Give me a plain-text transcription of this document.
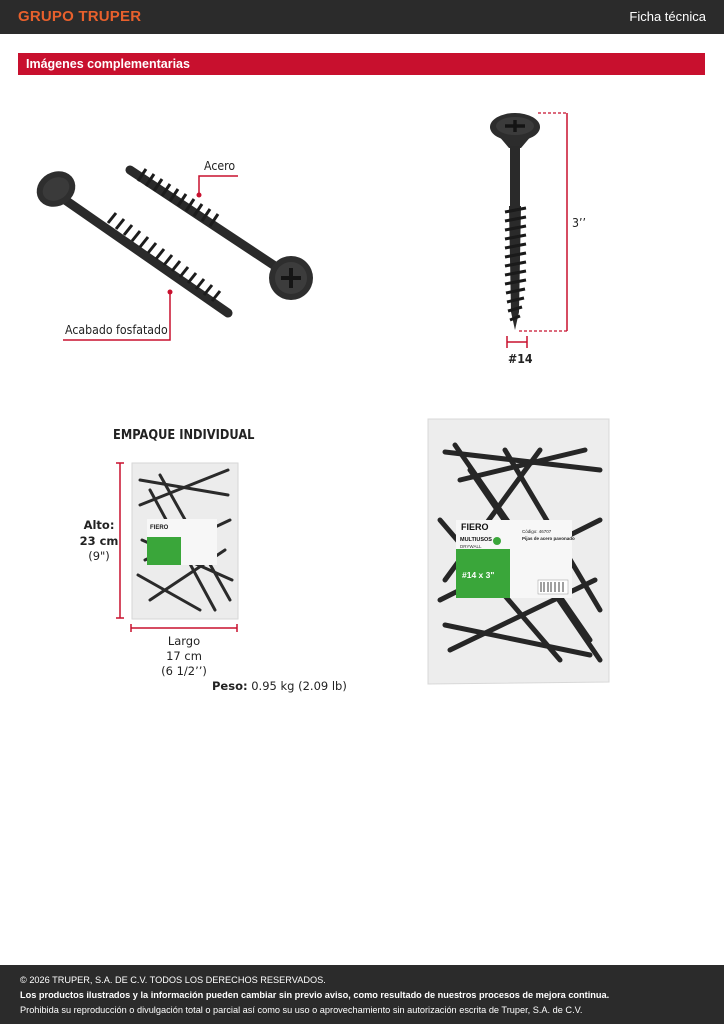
GRUPO TRUPER	Ficha técnica
Imágenes complementarias
Acero
Acabado fosfatado
3’’
#14
EMPAQUE INDIVIDUAL
FIERO
Alto:
23 cm
(9")
Largo
17 cm
(6 1/2’’)
Peso: 0.95 kg (2.09 lb)
FIERO	Código: 46707
Pijas de acero pavonado
MULTIUSOS
DRYWALL
#14 x 3"
© 2026 TRUPER, S.A. DE C.V. TODOS LOS DERECHOS RESERVADOS.
Los productos ilustrados y la información pueden cambiar sin previo aviso, como resultado de nuestros procesos de mejora continua.
Prohibida su reproducción o divulgación total o parcial así como su uso o aprovechamiento sin autorización escrita de Truper, S.A. de C.V.
